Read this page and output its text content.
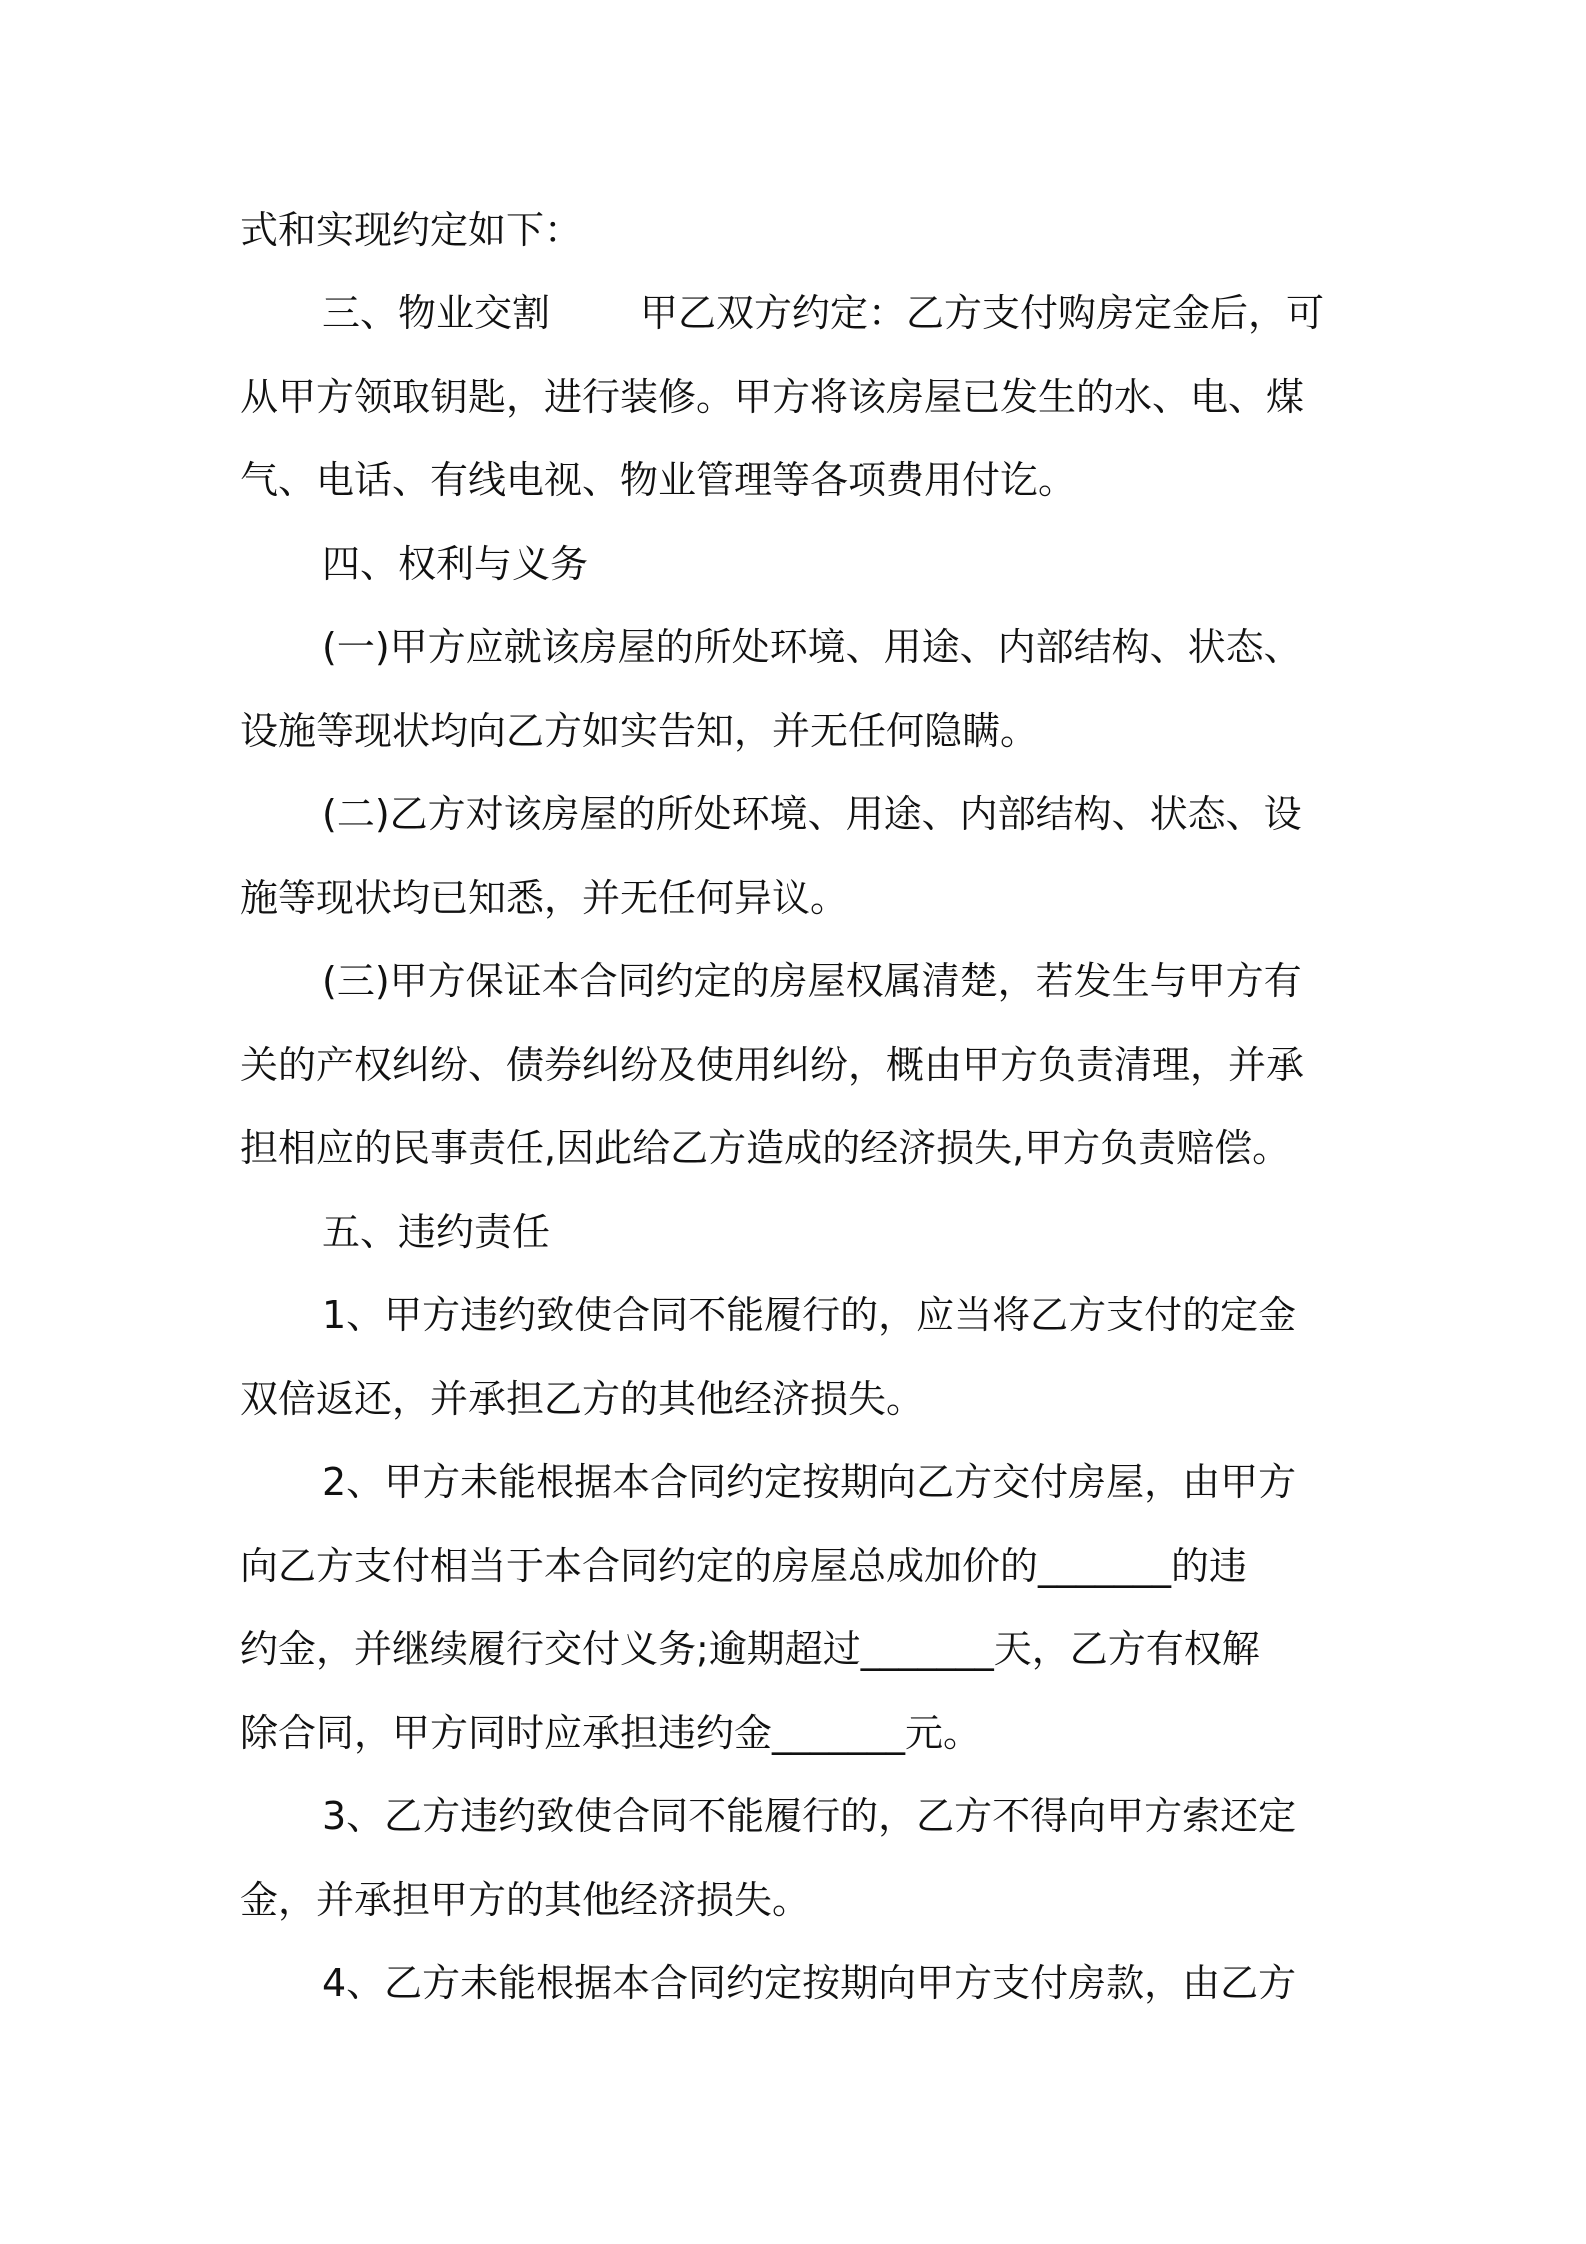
式和实现约定如下：
三、物业交割 甲乙双方约定：乙方支付购房定金后，可
从甲方领取钥匙，进行装修。甲方将该房屋已发生的水、电、煤
气、电话、有线电视、物业管理等各项费用付讫。
四、权利与义务
(一)甲方应就该房屋的所处环境、用途、内部结构、状态、
设施等现状均向乙方如实告知，并无任何隐瞒。
(二)乙方对该房屋的所处环境、用途、内部结构、状态、设
施等现状均已知悉，并无任何异议。
(三)甲方保证本合同约定的房屋权属清楚，若发生与甲方有
关的产权纠纷、债券纠纷及使用纠纷，概由甲方负责清理，并承
担相应的民事责任,因此给乙方造成的经济损失,甲方负责赔偿。
五、违约责任
1、甲方违约致使合同不能履行的，应当将乙方支付的定金
双倍返还，并承担乙方的其他经济损失。
2、甲方未能根据本合同约定按期向乙方交付房屋，由甲方
向乙方支付相当于本合同约定的房屋总成加价的_______的违
约金，并继续履行交付义务;逾期超过_______天，乙方有权解
除合同，甲方同时应承担违约金_______元。
3、乙方违约致使合同不能履行的，乙方不得向甲方索还定
金，并承担甲方的其他经济损失。
4、乙方未能根据本合同约定按期向甲方支付房款，由乙方
